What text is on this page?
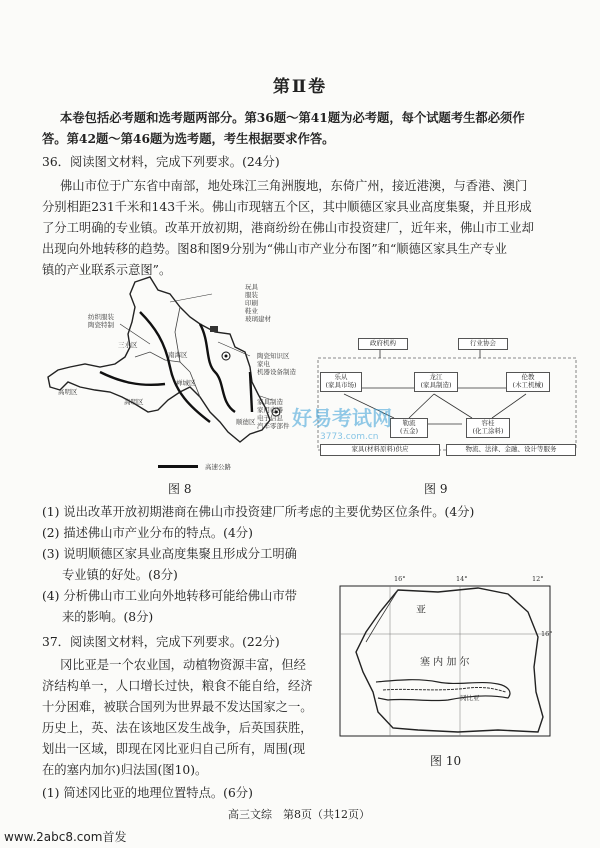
第Ⅱ卷
本卷包括必考题和选考题两部分。第36题～第41题为必考题，每个试题考生都必须作
答。第42题～第46题为选考题，考生根据要求作答。
36．阅读图文材料，完成下列要求。(24分)
佛山市位于广东省中南部，地处珠江三角洲腹地，东倚广州，接近港澳，与香港、澳门
分别相距231千米和143千米。佛山市现辖五个区，其中顺德区家具业高度集聚，并且形成
了分工明确的专业镇。改革开放初期，港商纷纷在佛山市投资建厂，近年来，佛山市工业却
出现向外地转移的趋势。图8和图9分别为“佛山市产业分布图”和“顺德区家具生产专业
镇的产业联系示意图”。
高速公路
玩具
服装
印刷
鞋业
玻璃建材
纺织服装
陶瓷特制
三水区
南海区
高明区
禅城区
顺德区
高明区
陶瓷知识区
家电
机器设备制造
家具制造
家用电器
电子信息
汽车零部件
图 8
政府机构	行业协会
乐从
(家具市场)
龙江
(家具制造)
伦教
(木工机械)
勒流
(五金)
容桂
(化工涂料)
家具(材料原料)供应	物流、法律、金融、设计等服务
图 9
好易考试网
3773.com.cn
(1) 说出改革开放初期港商在佛山市投资建厂所考虑的主要优势区位条件。(4分)
(2) 描述佛山市产业分布的特点。(4分)
(3) 说明顺德区家具业高度集聚且形成分工明确
专业镇的好处。(8分)
(4) 分析佛山市工业向外地转移可能给佛山市带
来的影响。(8分)
37．阅读图文材料，完成下列要求。(22分)
冈比亚是一个农业国，动植物资源丰富，但经
济结构单一，人口增长过快，粮食不能自给，经济
十分困难，被联合国列为世界最不发达国家之一。
历史上，英、法在该地区发生战争，后英国获胜，
划出一区域，即现在冈比亚归自己所有，周围(现
在的塞内加尔)归法国(图10)。
(1) 简述冈比亚的地理位置特点。(6分)
16°	14°	12°
16°
亚
塞 内 加 尔
冈比亚
图 10
高三文综　第8页（共12页）
www.2abc8.com首发
